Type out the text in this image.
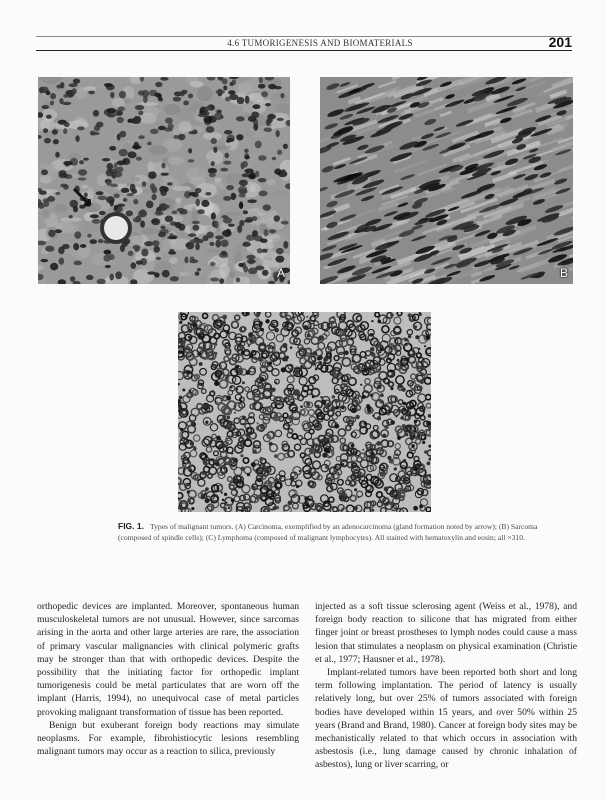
4.6 TUMORIGENESIS AND BIOMATERIALS	201
A	B
FIG. 1. Types of malignant tumors. (A) Carcinoma, exemplified by an adenocarcinoma (gland formation noted by arrow); (B) Sarcoma (composed of spindle cells); (C) Lymphoma (composed of malignant lymphocytes). All stained with hematoxylin and eosin; all ×310.

orthopedic devices are implanted. Moreover, spontaneous human musculoskeletal tumors are not unusual. However, since sarcomas arising in the aorta and other large arteries are rare, the association of primary vascular malignancies with clinical polymeric grafts may be stronger than that with orthopedic devices. Despite the possibility that the initiating factor for orthopedic implant tumorigenesis could be metal particulates that are worn off the implant (Harris, 1994), no unequivocal case of metal particles provoking malignant transformation of tissue has been reported.

Benign but exuberant foreign body reactions may simulate neoplasms. For example, fibrohistiocytic lesions resembling malignant tumors may occur as a reaction to silica, previously

injected as a soft tissue sclerosing agent (Weiss et al., 1978), and foreign body reaction to silicone that has migrated from either finger joint or breast prostheses to lymph nodes could cause a mass lesion that stimulates a neoplasm on physical examination (Christie et al., 1977; Hausner et al., 1978).

Implant-related tumors have been reported both short and long term following implantation. The period of latency is usually relatively long, but over 25% of tumors associated with foreign bodies have developed within 15 years, and over 50% within 25 years (Brand and Brand, 1980). Cancer at foreign body sites may be mechanistically related to that which occurs in association with asbestosis (i.e., lung damage caused by chronic inhalation of asbestos), lung or liver scarring, or
